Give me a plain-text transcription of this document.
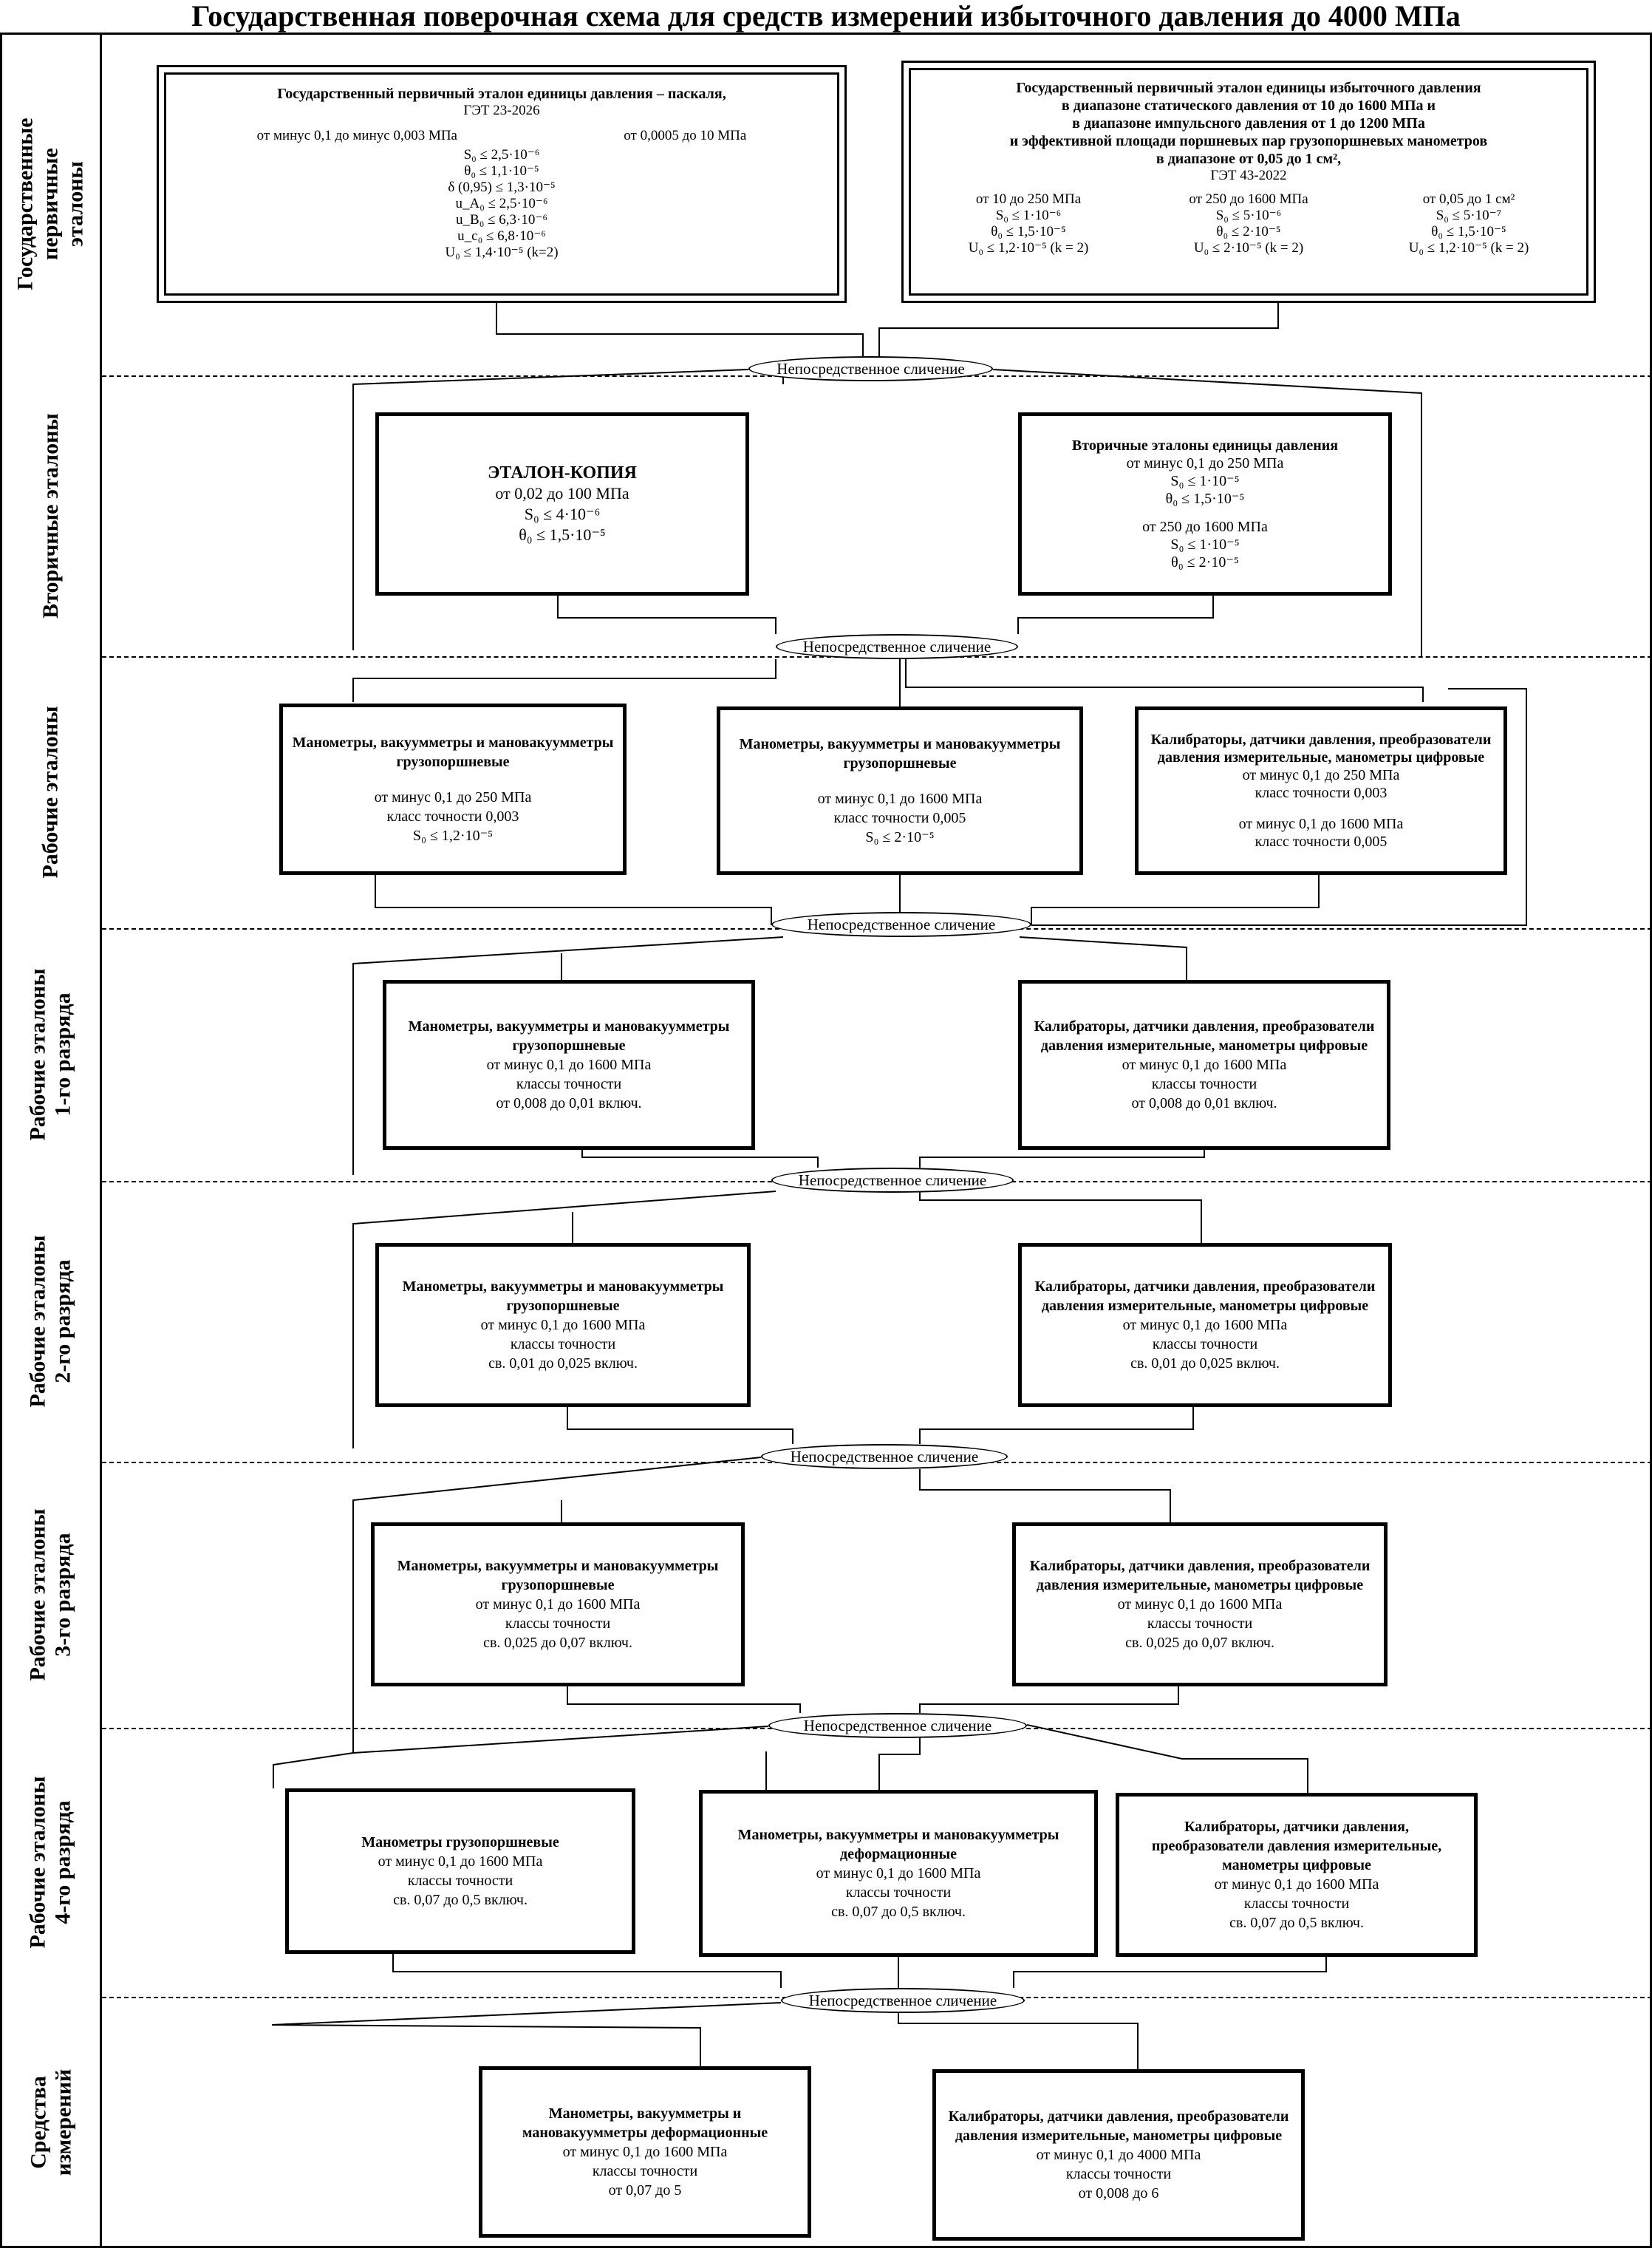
Государственная поверочная схема для средств измерений избыточного давления до 4000 МПа
Государственные первичные эталоны
Вторичные эталоны
Рабочие эталоны
Рабочие эталоны 1-го разряда
Рабочие эталоны 2-го разряда
Рабочие эталоны 3-го разряда
Рабочие эталоны 4-го разряда
Средства измерений
Государственный первичный эталон единицы давления – паскаля,
ГЭТ 23-2026
от минус 0,1 до минус 0,003 МПа	от 0,0005 до 10 МПа
S₀ ≤ 2,5·10⁻⁶
θ₀ ≤ 1,1·10⁻⁵
δ (0,95) ≤ 1,3·10⁻⁵
u_A₀ ≤ 2,5·10⁻⁶
u_B₀ ≤ 6,3·10⁻⁶
u_c₀ ≤ 6,8·10⁻⁶
U₀ ≤ 1,4·10⁻⁵ (k=2)
Государственный первичный эталон единицы избыточного давления
в диапазоне статического давления от 10 до 1600 МПа и
в диапазоне импульсного давления от 1 до 1200 МПа
и эффективной площади поршневых пар грузопоршневых манометров
в диапазоне от 0,05 до 1 см²,
ГЭТ 43-2022
от 10 до 250 МПа
S₀ ≤ 1·10⁻⁶
θ₀ ≤ 1,5·10⁻⁵
U₀ ≤ 1,2·10⁻⁵ (k = 2)
от 250 до 1600 МПа
S₀ ≤ 5·10⁻⁶
θ₀ ≤ 2·10⁻⁵
U₀ ≤ 2·10⁻⁵ (k = 2)
от 0,05 до 1 см²
S₀ ≤ 5·10⁻⁷
θ₀ ≤ 1,5·10⁻⁵
U₀ ≤ 1,2·10⁻⁵ (k = 2)
Непосредственное сличение
ЭТАЛОН-КОПИЯ
от 0,02 до 100 МПа
S₀ ≤ 4·10⁻⁶
θ₀ ≤ 1,5·10⁻⁵
Вторичные эталоны единицы давления
от минус 0,1 до 250 МПа
S₀ ≤ 1·10⁻⁵
θ₀ ≤ 1,5·10⁻⁵
от 250 до 1600 МПа
S₀ ≤ 1·10⁻⁵
θ₀ ≤ 2·10⁻⁵
Непосредственное сличение
Манометры, вакуумметры и мановакуумметры грузопоршневые
от минус 0,1 до 250 МПа
класс точности 0,003
S₀ ≤ 1,2·10⁻⁵
Манометры, вакуумметры и мановакуумметры грузопоршневые
от минус 0,1 до 1600 МПа
класс точности 0,005
S₀ ≤ 2·10⁻⁵
Калибраторы, датчики давления, преобразователи давления измерительные, манометры цифровые
от минус 0,1 до 250 МПа
класс точности 0,003
от минус 0,1 до 1600 МПа
класс точности 0,005
Непосредственное сличение
Манометры, вакуумметры и мановакуумметры грузопоршневые
от минус 0,1 до 1600 МПа
классы точности
от 0,008 до 0,01 включ.
Калибраторы, датчики давления, преобразователи давления измерительные, манометры цифровые
от минус 0,1 до 1600 МПа
классы точности
от 0,008 до 0,01 включ.
Непосредственное сличение
Манометры, вакуумметры и мановакуумметры грузопоршневые
от минус 0,1 до 1600 МПа
классы точности
св. 0,01 до 0,025 включ.
Калибраторы, датчики давления, преобразователи давления измерительные, манометры цифровые
от минус 0,1 до 1600 МПа
классы точности
св. 0,01 до 0,025 включ.
Непосредственное сличение
Манометры, вакуумметры и мановакуумметры грузопоршневые
от минус 0,1 до 1600 МПа
классы точности
св. 0,025 до 0,07 включ.
Калибраторы, датчики давления, преобразователи давления измерительные, манометры цифровые
от минус 0,1 до 1600 МПа
классы точности
св. 0,025 до 0,07 включ.
Непосредственное сличение
Манометры грузопоршневые
от минус 0,1 до 1600 МПа
классы точности
св. 0,07 до 0,5 включ.
Манометры, вакуумметры и мановакуумметры деформационные
от минус 0,1 до 1600 МПа
классы точности
св. 0,07 до 0,5 включ.
Калибраторы, датчики давления, преобразователи давления измерительные, манометры цифровые
от минус 0,1 до 1600 МПа
классы точности
св. 0,07 до 0,5 включ.
Непосредственное сличение
Манометры, вакуумметры и мановакуумметры деформационные
от минус 0,1 до 1600 МПа
классы точности
от 0,07 до 5
Калибраторы, датчики давления, преобразователи давления измерительные, манометры цифровые
от минус 0,1 до 4000 МПа
классы точности
от 0,008 до 6
